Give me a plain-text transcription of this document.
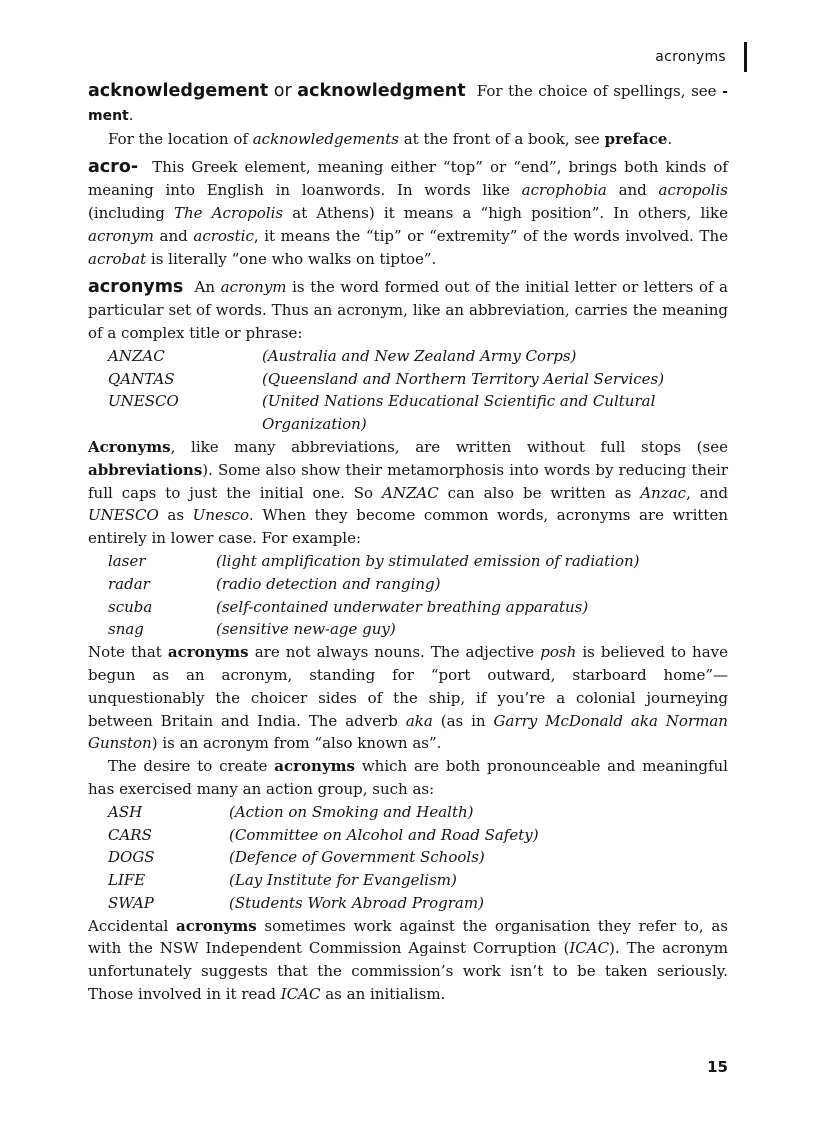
acronyms

acknowledgement or acknowledgment For the choice of spellings, see -ment.

For the location of acknowledgements at the front of a book, see preface.

acro- This Greek element, meaning either “top” or “end”, brings both kinds of meaning into English in loanwords. In words like acrophobia and acropolis (including The Acropolis at Athens) it means a “high position”. In others, like acronym and acrostic, it means the “tip” or “extremity” of the words involved. The acrobat is literally “one who walks on tiptoe”.

acronyms An acronym is the word formed out of the initial letter or letters of a particular set of words. Thus an acronym, like an abbreviation, carries the meaning of a complex title or phrase:

ANZAC	(Australia and New Zealand Army Corps)
QANTAS	(Queensland and Northern Territory Aerial Services)
UNESCO	(United Nations Educational Scientific and Cultural Organization)

Acronyms, like many abbreviations, are written without full stops (see abbreviations). Some also show their metamorphosis into words by reducing their full caps to just the initial one. So ANZAC can also be written as Anzac, and UNESCO as Unesco. When they become common words, acronyms are written entirely in lower case. For example:

laser	(light amplification by stimulated emission of radiation)
radar	(radio detection and ranging)
scuba	(self-contained underwater breathing apparatus)
snag	(sensitive new-age guy)

Note that acronyms are not always nouns. The adjective posh is believed to have begun as an acronym, standing for “port outward, starboard home”—unquestionably the choicer sides of the ship, if you’re a colonial journeying between Britain and India. The adverb aka (as in Garry McDonald aka Norman Gunston) is an acronym from “also known as”.

The desire to create acronyms which are both pronounceable and meaningful has exercised many an action group, such as:

ASH	(Action on Smoking and Health)
CARS	(Committee on Alcohol and Road Safety)
DOGS	(Defence of Government Schools)
LIFE	(Lay Institute for Evangelism)
SWAP	(Students Work Abroad Program)

Accidental acronyms sometimes work against the organisation they refer to, as with the NSW Independent Commission Against Corruption (ICAC). The acronym unfortunately suggests that the commission’s work isn’t to be taken seriously. Those involved in it read ICAC as an initialism.

15
